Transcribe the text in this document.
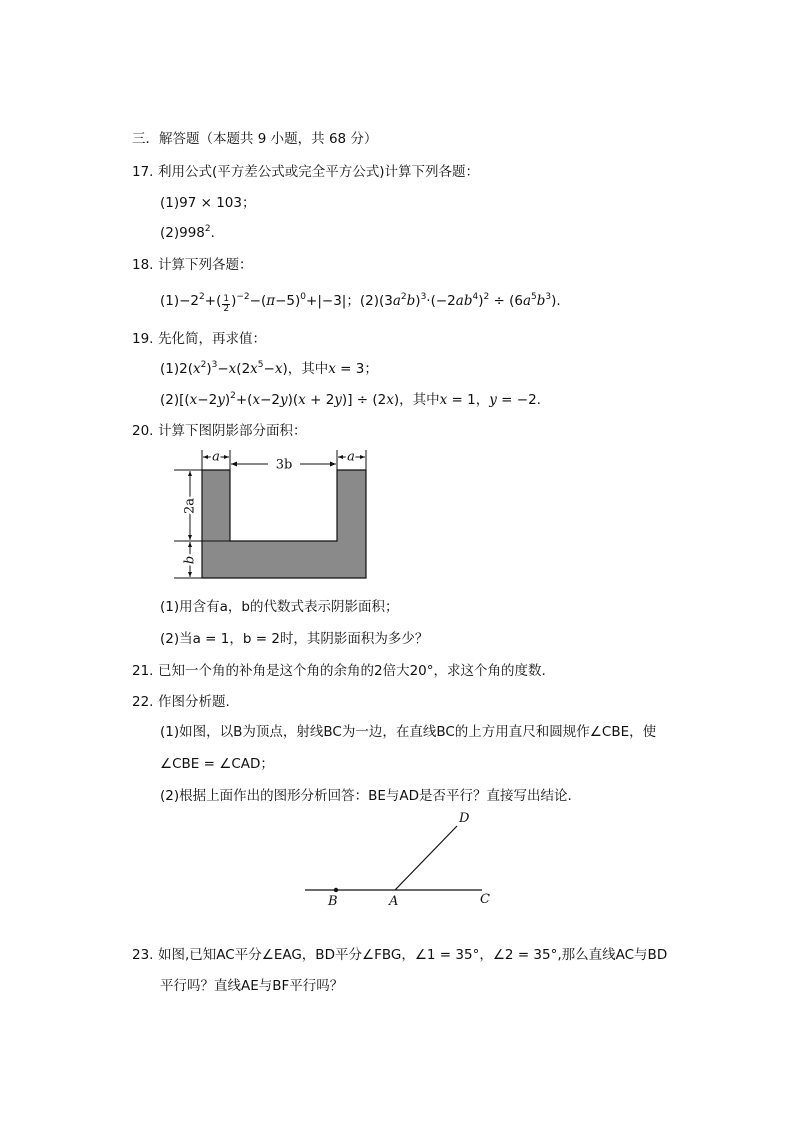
三．解答题（本题共 9 小题，共 68 分）
17. 利用公式(平方差公式或完全平方公式)计算下列各题：
(1)97 × 103；
$(2)998^2$.
18. 计算下列各题：
$(1)-2^2+( \frac{1}{2} )^{-2}-(\pi-5)^0+|-3|$；$(2)(3a^2b)^3\cdot(-2ab^4)^2 \div (6a^5b^3)$.
19. 先化简，再求值：
$(1)2(x^2)^3-x(2x^5-x)$，其中x = 3；
$(2)[(x-2y)^2+(x-2y)(x + 2y)] \div (2x)$，其中x = 1，y = −2.
20. 计算下图阴影部分面积：
a
3b
a
2a
b
(1)用含有a，b的代数式表示阴影面积；
(2)当a = 1，b = 2时，其阴影面积为多少？
21. 已知一个角的补角是这个角的余角的2倍大20°，求这个角的度数.
22. 作图分析题.
(1)如图，以B为顶点，射线BC为一边，在直线BC的上方用直尺和圆规作∠CBE，使
∠CBE = ∠CAD；
(2)根据上面作出的图形分析回答：BE与AD是否平行？直接写出结论.
D
B	A	C
23. 如图,已知AC平分∠EAG，BD平分∠FBG，∠1 = 35°，∠2 = 35°,那么直线AC与BD
平行吗？直线AE与BF平行吗？
